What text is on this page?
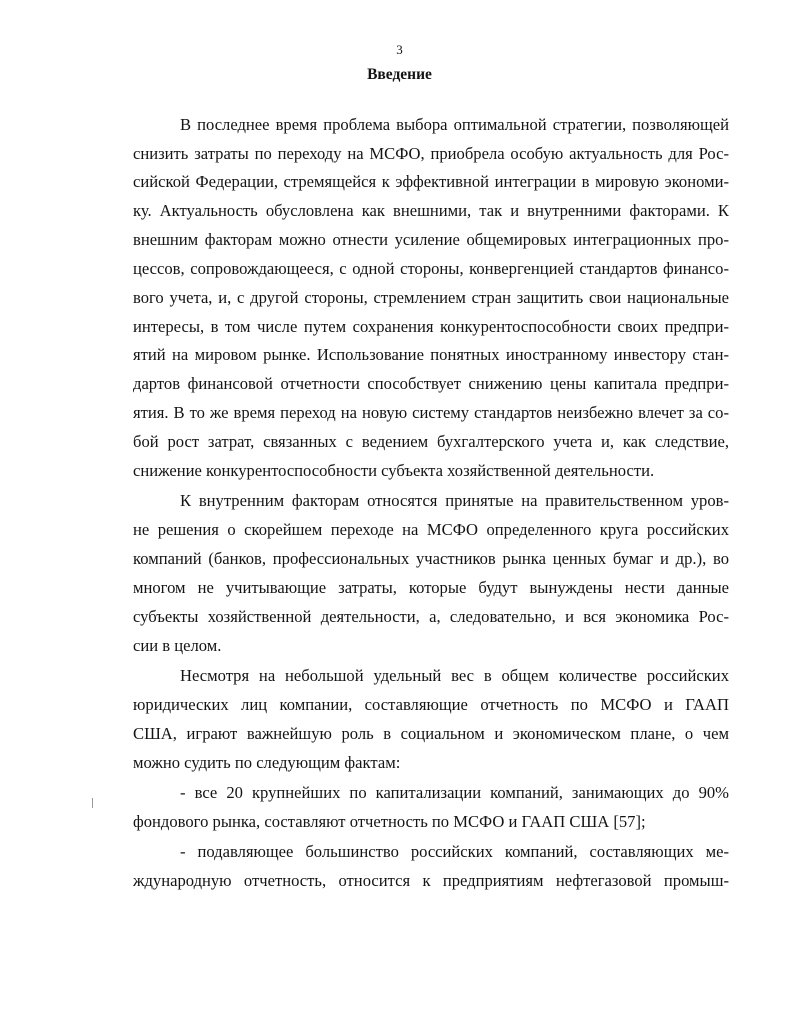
3
Введение
В последнее время проблема выбора оптимальной стратегии, позволяющей
снизить затраты по переходу на МСФО, приобрела особую актуальность для Рос-
сийской Федерации, стремящейся к эффективной интеграции в мировую экономи-
ку. Актуальность обусловлена как внешними, так и внутренними факторами. К
внешним факторам можно отнести усиление общемировых интеграционных про-
цессов, сопровождающееся, с одной стороны, конвергенцией стандартов финансо-
вого учета, и, с другой стороны, стремлением стран защитить свои национальные
интересы, в том числе путем сохранения конкурентоспособности своих предпри-
ятий на мировом рынке. Использование понятных иностранному инвестору стан-
дартов финансовой отчетности способствует снижению цены капитала предпри-
ятия. В то же время переход на новую систему стандартов неизбежно влечет за со-
бой рост затрат, связанных с ведением бухгалтерского учета и, как следствие,
снижение конкурентоспособности субъекта хозяйственной деятельности.
К внутренним факторам относятся принятые на правительственном уров-
не решения о скорейшем переходе на МСФО определенного круга российских
компаний (банков, профессиональных участников рынка ценных бумаг и др.), во
многом не учитывающие затраты, которые будут вынуждены нести данные
субъекты хозяйственной деятельности, а, следовательно, и вся экономика Рос-
сии в целом.
Несмотря на небольшой удельный вес в общем количестве российских
юридических лиц компании, составляющие отчетность по МСФО и ГААП
США, играют важнейшую роль в социальном и экономическом плане, о чем
можно судить по следующим фактам:
- все 20 крупнейших по капитализации компаний, занимающих до 90%
фондового рынка, составляют отчетность по МСФО и ГААП США [57];
- подавляющее большинство российских компаний, составляющих ме-
ждународную отчетность, относится к предприятиям нефтегазовой промыш-
